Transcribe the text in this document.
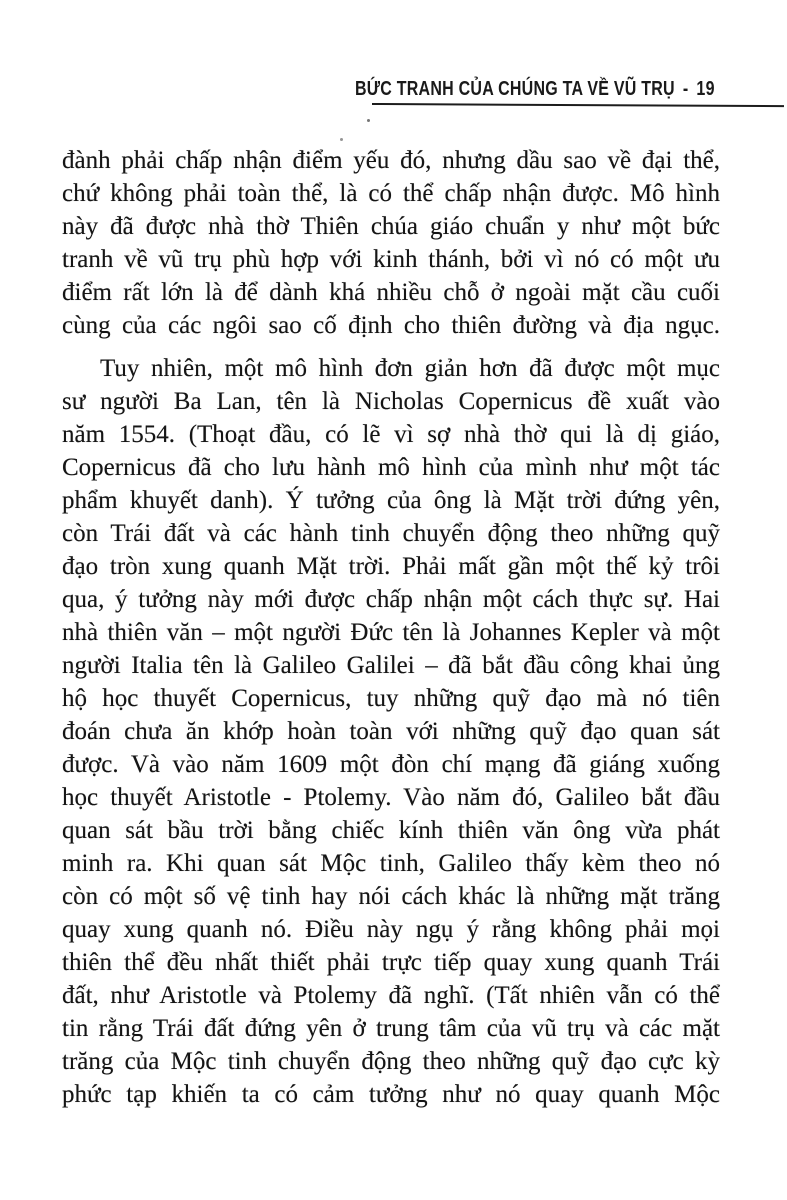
BỨC TRANH CỦA CHÚNG TA VỀ VŨ TRỤ - 19

đành phải chấp nhận điểm yếu đó, nhưng dầu sao về đại thể,
chứ không phải toàn thể, là có thể chấp nhận được. Mô hình
này đã được nhà thờ Thiên chúa giáo chuẩn y như một bức
tranh về vũ trụ phù hợp với kinh thánh, bởi vì nó có một ưu
điểm rất lớn là để dành khá nhiều chỗ ở ngoài mặt cầu cuối
cùng của các ngôi sao cố định cho thiên đường và địa ngục.

Tuy nhiên, một mô hình đơn giản hơn đã được một mục
sư người Ba Lan, tên là Nicholas Copernicus đề xuất vào
năm 1554. (Thoạt đầu, có lẽ vì sợ nhà thờ qui là dị giáo,
Copernicus đã cho lưu hành mô hình của mình như một tác
phẩm khuyết danh). Ý tưởng của ông là Mặt trời đứng yên,
còn Trái đất và các hành tinh chuyển động theo những quỹ
đạo tròn xung quanh Mặt trời. Phải mất gần một thế kỷ trôi
qua, ý tưởng này mới được chấp nhận một cách thực sự. Hai
nhà thiên văn – một người Đức tên là Johannes Kepler và một
người Italia tên là Galileo Galilei – đã bắt đầu công khai ủng
hộ học thuyết Copernicus, tuy những quỹ đạo mà nó tiên
đoán chưa ăn khớp hoàn toàn với những quỹ đạo quan sát
được. Và vào năm 1609 một đòn chí mạng đã giáng xuống
học thuyết Aristotle - Ptolemy. Vào năm đó, Galileo bắt đầu
quan sát bầu trời bằng chiếc kính thiên văn ông vừa phát
minh ra. Khi quan sát Mộc tinh, Galileo thấy kèm theo nó
còn có một số vệ tinh hay nói cách khác là những mặt trăng
quay xung quanh nó. Điều này ngụ ý rằng không phải mọi
thiên thể đều nhất thiết phải trực tiếp quay xung quanh Trái
đất, như Aristotle và Ptolemy đã nghĩ. (Tất nhiên vẫn có thể
tin rằng Trái đất đứng yên ở trung tâm của vũ trụ và các mặt
trăng của Mộc tinh chuyển động theo những quỹ đạo cực kỳ
phức tạp khiến ta có cảm tưởng như nó quay quanh Mộc
